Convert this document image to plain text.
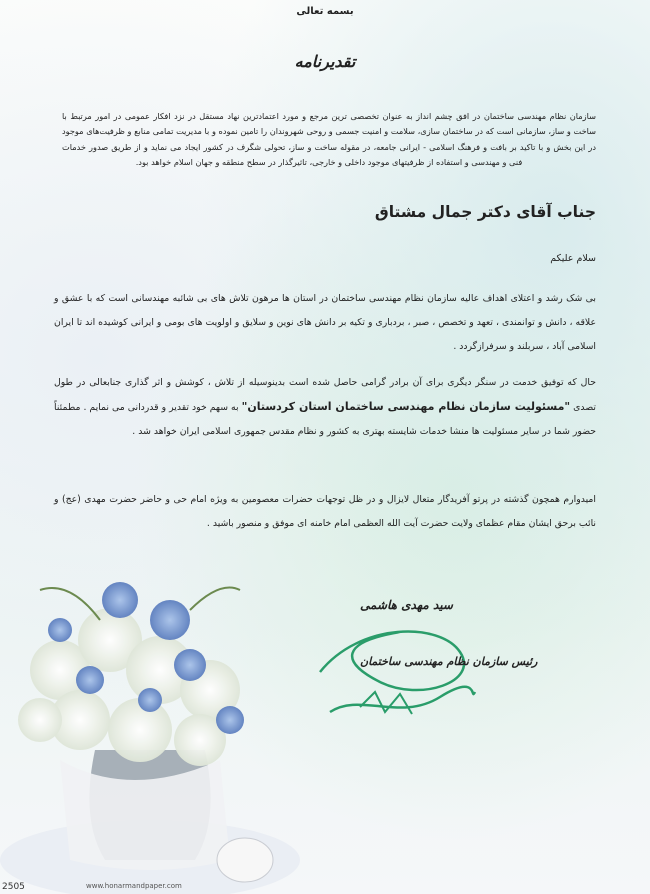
بسمه تعالی
تقدیرنامه
سازمان نظام مهندسی ساختمان در افق چشم انداز به عنوان تخصصی ترین مرجع و مورد اعتمادترین نهاد مستقل در نزد افکار عمومی در امور مرتبط با ساخت و ساز، سازمانی است که در ساختمان سازی، سلامت و امنیت جسمی و روحی شهروندان را تامین نموده و با مدیریت تمامی منابع و ظرفیت‌های موجود در این بخش و با تاکید بر بافت و فرهنگ اسلامی - ایرانی جامعه، در مقوله ساخت و ساز، تحولی شگرف در کشور ایجاد می نماید و از طریق صدور خدمات فنی و مهندسی و استفاده از ظرفیتهای موجود داخلی و خارجی، تاثیرگذار در سطح منطقه و جهان اسلام خواهد بود.
جناب آقای دکتر جمال مشتاق
سلام علیکم
بی شک رشد و اعتلای اهداف عالیه سازمان نظام مهندسی ساختمان در استان ها مرهون تلاش های بی شائبه مهندسانی است که با عشق و علاقه ، دانش و توانمندی ، تعهد و تخصص ، صبر ، بردباری و تکیه بر دانش های نوین و سلایق و اولویت های بومی و ایرانی کوشیده اند تا ایران اسلامی آباد ، سربلند و سرفرازگردد .
حال که توفیق خدمت در سنگر دیگری برای آن برادر گرامی حاصل شده است بدینوسیله از تلاش ، کوشش و اثر گذاری جنابعالی در طول تصدی "مسئولیت سازمان نظام مهندسی ساختمان استان کردستان" به سهم خود تقدیر و قدردانی می نمایم . مطمئناً حضور شما در سایر مسئولیت ها منشا خدمات شایسته بهتری به کشور و نظام مقدس جمهوری اسلامی ایران خواهد شد .
امیدوارم همچون گذشته در پرتو آفریدگار متعال لایزال و در ظل توجهات حضرات معصومین به ویژه امام حی و حاضر حضرت مهدی (عج) و نائب برحق ایشان مقام عظمای ولایت حضرت آیت الله العظمی امام خامنه ای موفق و منصور باشید .
سید مهدی هاشمی
رئیس سازمان نظام مهندسی ساختمان
2505	www.honarmandpaper.com
